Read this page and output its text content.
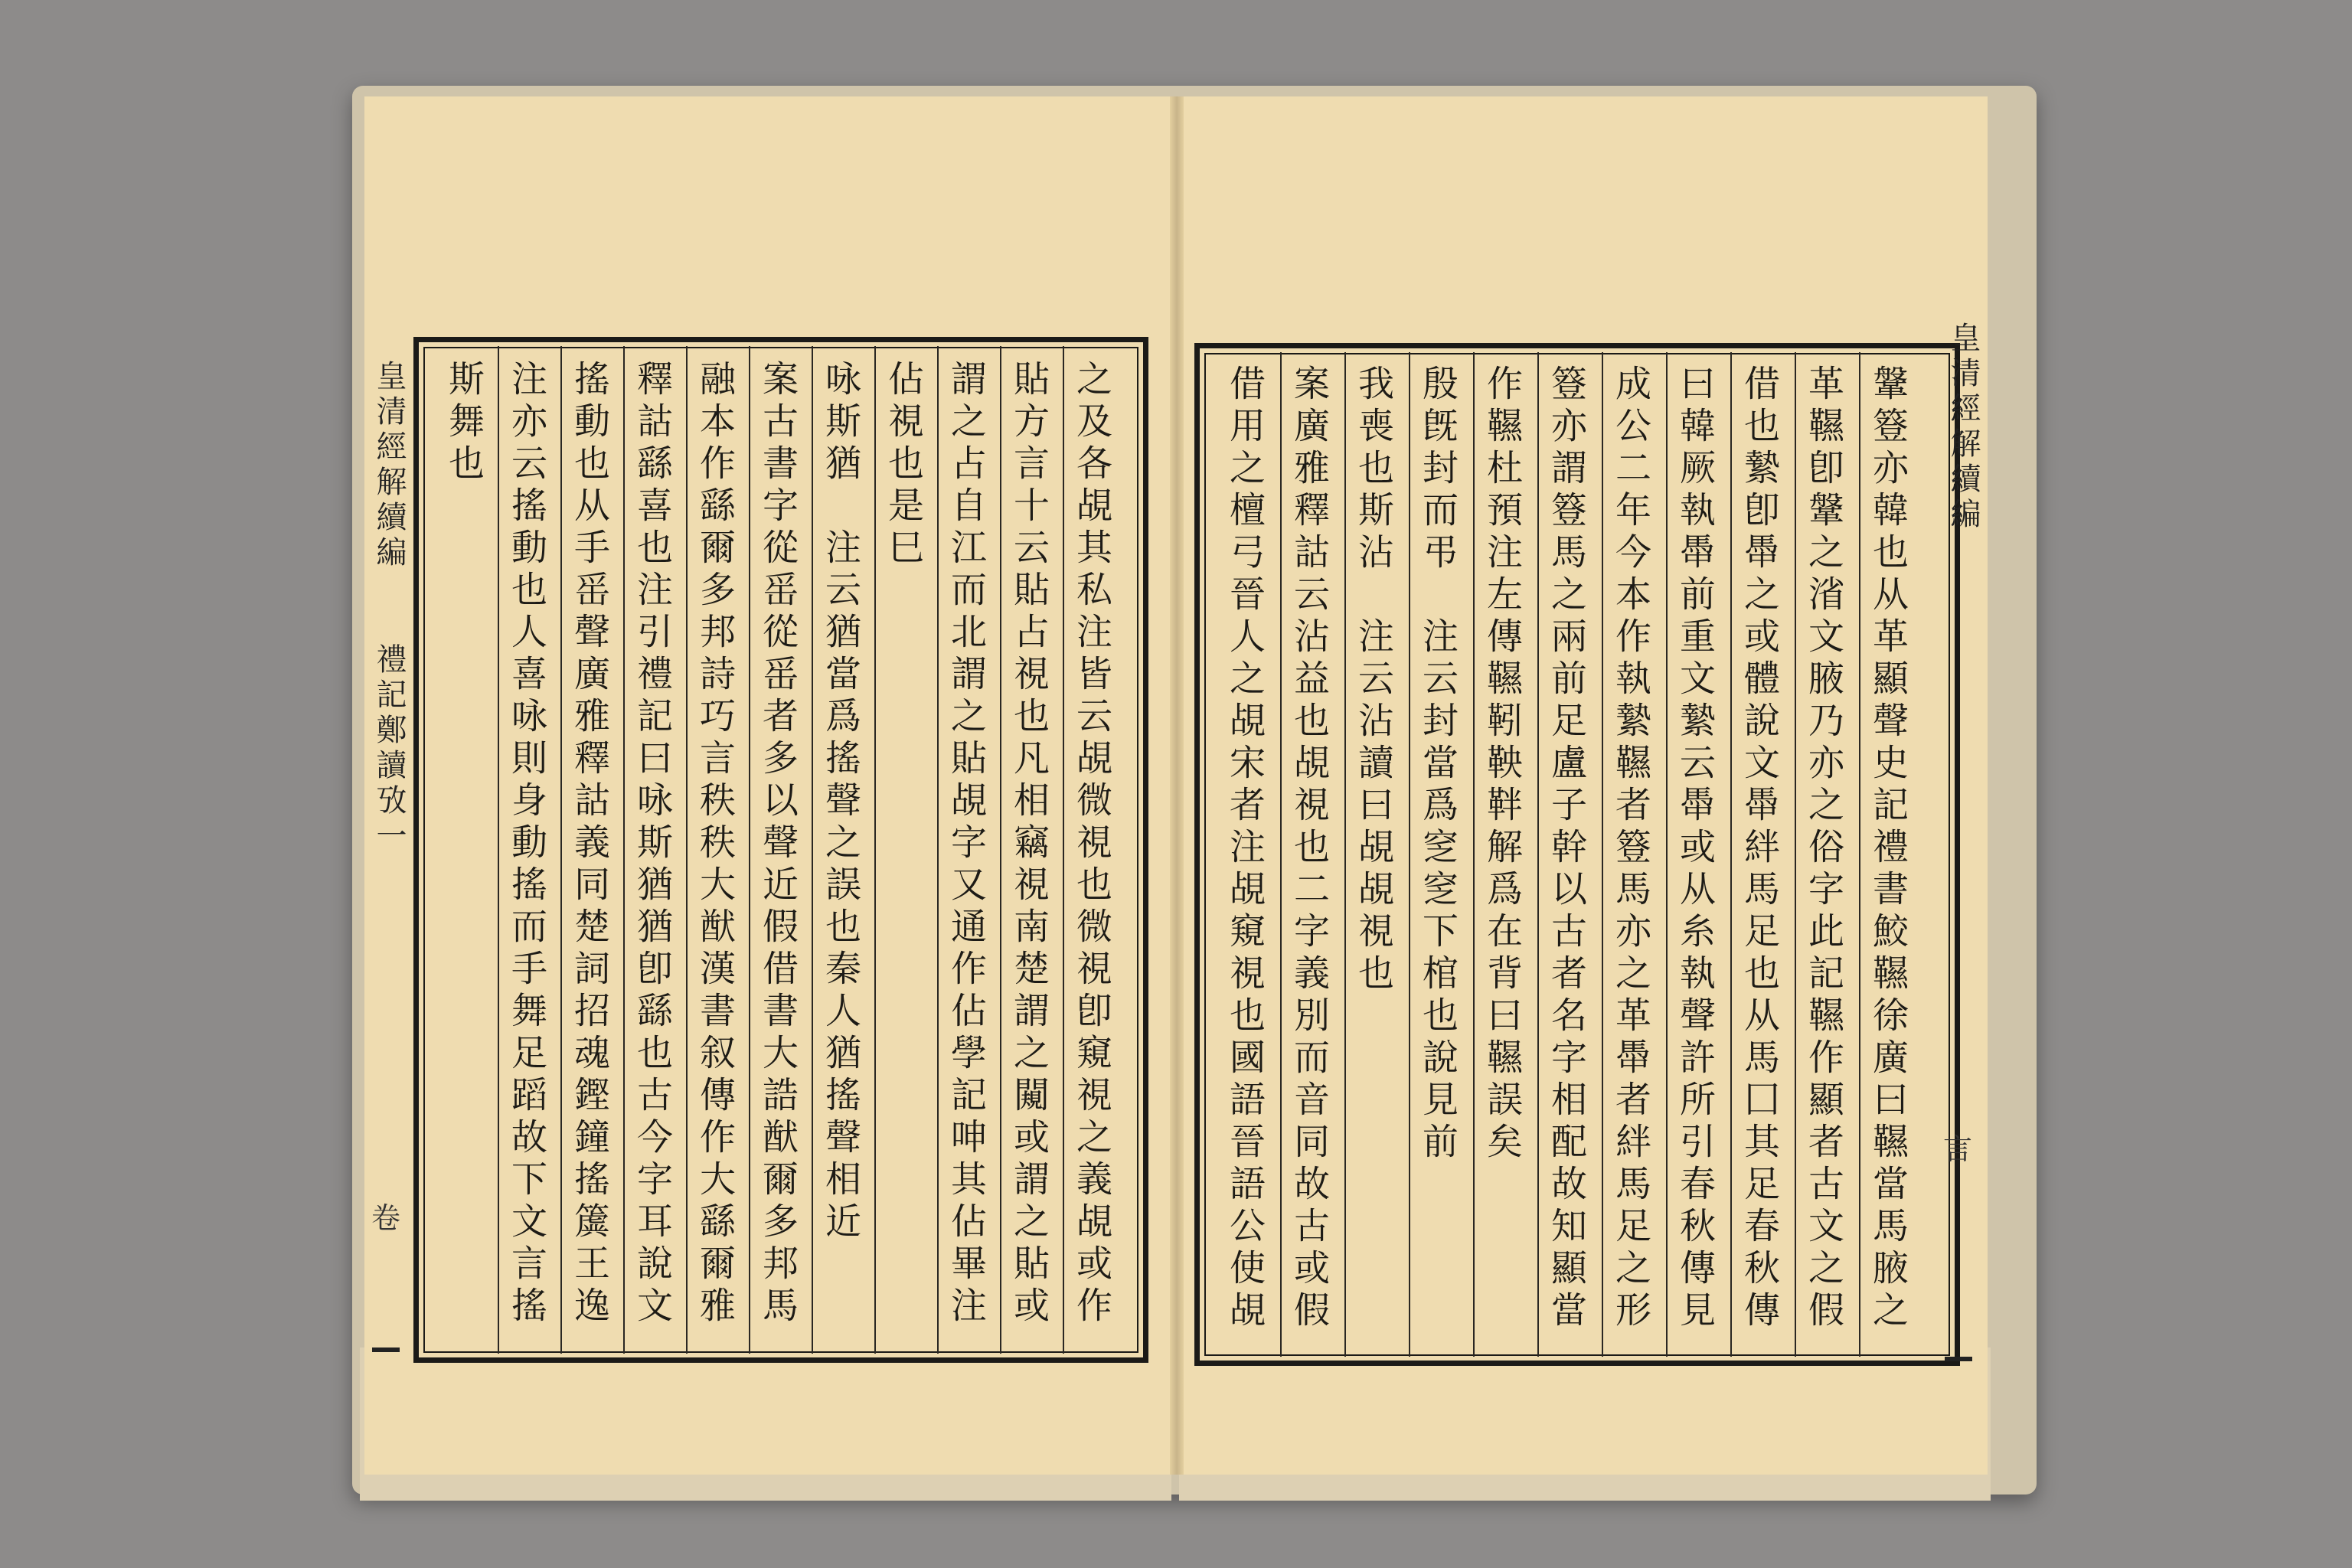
之及各覘其私注皆云覘微視也微視卽窺視之義覘或作
貼方言十云貼占視也凡相竊視南楚謂之闚或謂之貼或
謂之占自江而北謂之貼覘字又通作佔學記呻其佔畢注
佔視也是巳
咏斯猶　注云猶當爲搖聲之誤也秦人猶搖聲相近
案古書字從䍃從䍃者多以聲近假借書大誥猷爾多邦馬
融本作繇爾多邦詩巧言秩秩大猷漢書叙傳作大繇爾雅
釋詁繇喜也注引禮記曰咏斯猶猶卽繇也古今字耳說文
搖動也从手䍃聲廣雅釋詁義同楚詞招魂鏗鐘搖簴王逸
注亦云搖動也人喜咏則身動搖而手舞足蹈故下文言搖
斯舞也
皇清經解續編
禮記鄭讀攷一
卷	鞶簦亦韓也从革顯聲史記禮書鮫韅徐廣曰韅當馬腋之
革韅卽鞶之渻文腋乃亦之俗字此記韅作顯者古文之假
借也縶卽馽之或體說文馽絆馬足也从馬囗其足春秋傳
曰韓厥執馽前重文縶云馽或从糸執聲許所引春秋傳見
成公二年今本作執縶韅者簦馬亦之革馽者絆馬足之形
簦亦謂簦馬之兩前足盧子幹以古者名字相配故知顯當
作韅杜預注左傳韅靷鞅靽解爲在背曰韅誤矣
殷旣封而弔　注云封當爲窆窆下棺也說見前
我喪也斯沾　注云沾讀曰覘覘視也
案廣雅釋詁云沾益也覘視也二字義別而音同故古或假
借用之檀弓晉人之覘宋者注覘窺視也國語晉語公使覘	皇清經解續編
言
